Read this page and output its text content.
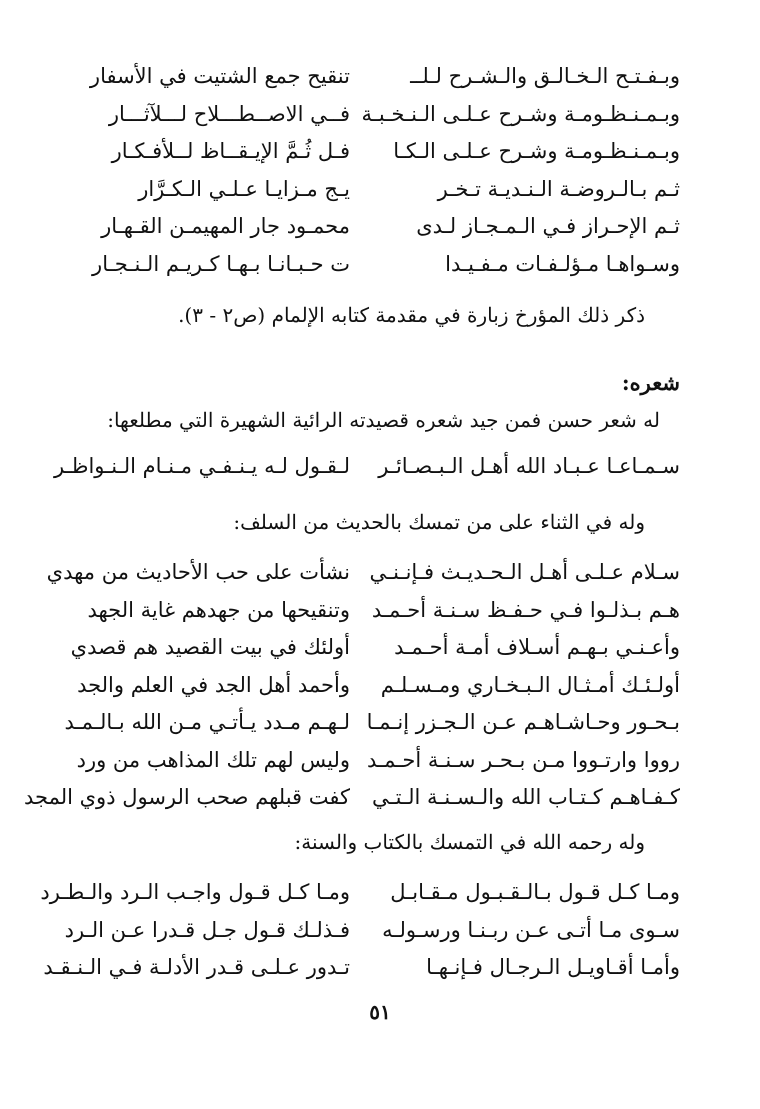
وبـفـتـح الـخـالـق والـشـرح لـلــ
تنقيح جمع الشتيت في الأسفار
وبـمـنـظـومـة وشـرح عـلـى الـنـخـبـة
فــي الاصــطـــلاح لـــلآثـــار
وبـمـنـظـومـة وشـرح عـلـى الـكـا
فـل ثُـمَّ الإيـقــاظ لــلأفـكـار
ثـم بـالـروضـة الـنـديـة تـخـر
يـج مـزايـا عـلـي الـكـرَّار
ثـم الإحـراز فـي الـمـجـاز لـدى
محمـود جار المهيمـن القـهـار
وسـواهـا مـؤلـفـات مـفـيـدا
ت حـبـانـا بـهـا كـريـم الـنـجـار
ذكر ذلك المؤرخ زبارة في مقدمة كتابه الإلمام (ص٢ - ٣).
شعره:
له شعر حسن فمن جيد شعره قصيدته الرائية الشهيرة التي مطلعها:
سـمـاعـا عـبـاد الله أهـل الـبـصـائـر
لـقـول لـه يـنـفـي مـنـام الـنـواظـر
وله في الثناء على من تمسك بالحديث من السلف:
سـلام عـلـى أهـل الـحـديـث فـإنـنـي
نشأت على حب الأحاديث من مهدي
هـم بـذلـوا فـي حـفـظ سـنـة أحـمـد
وتنقيحها من جهدهم غاية الجهد
وأعـنـي بـهـم أسـلاف أمـة أحـمـد
أولئك في بيت القصيد هم قصدي
أولـئـك أمـثـال الـبـخـاري ومـسـلـم
وأحمد أهل الجد في العلم والجد
بـحـور وحـاشـاهـم عـن الـجـزر إنـمـا
لـهـم مـدد يـأتـي مـن الله بـالـمـد
رووا وارتـووا مـن بـحـر سـنـة أحـمـد
وليس لهم تلك المذاهب من ورد
كـفـاهـم كـتـاب الله والـسـنـة الـتـي
كفت قبلهم صحب الرسول ذوي المجد
وله رحمه الله في التمسك بالكتاب والسنة:
ومـا كـل قـول بـالـقـبـول مـقـابـل
ومـا كـل قـول واجـب الـرد والـطـرد
سـوى مـا أتـى عـن ربـنـا ورسـولـه
فـذلـك قـول جـل قـدرا عـن الـرد
وأمـا أقـاويـل الـرجـال فـإنـهـا
تـدور عـلـى قـدر الأدلـة فـي الـنـقـد
٥١
